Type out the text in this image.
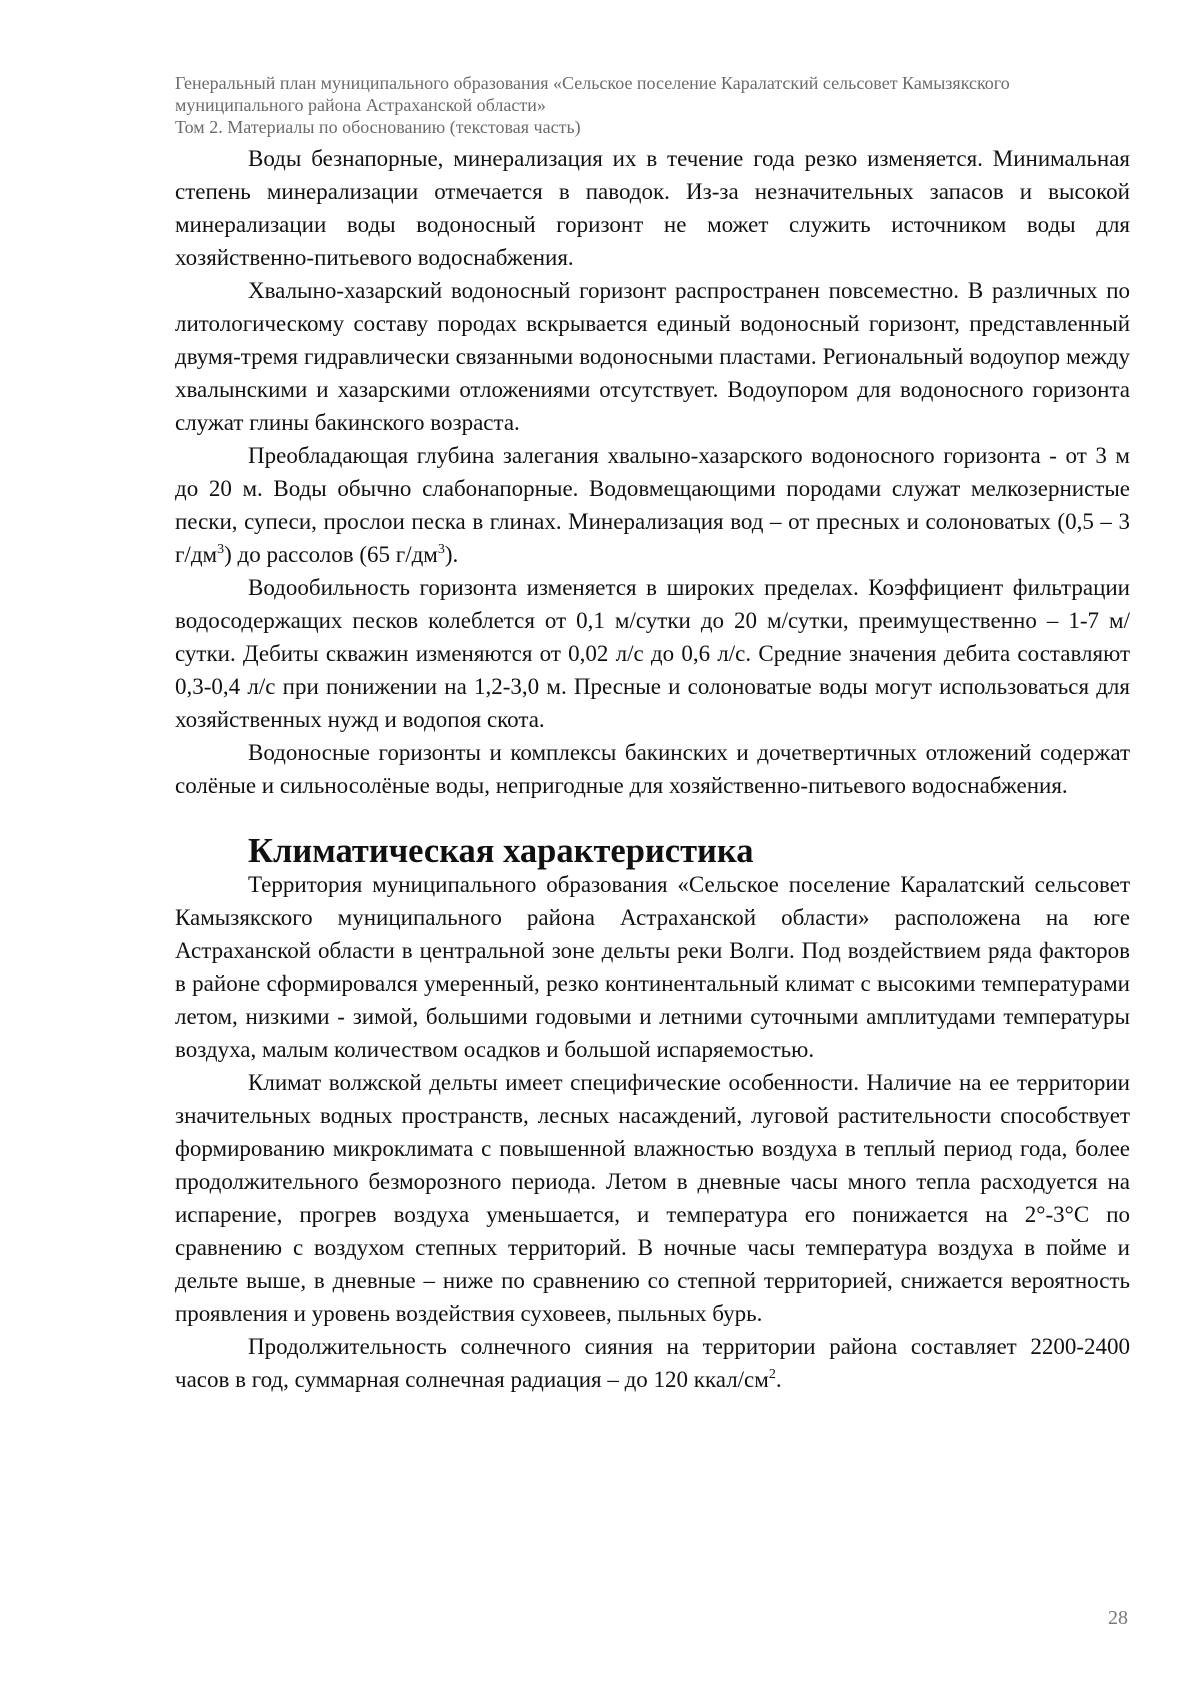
Генеральный план муниципального образования «Сельское поселение Каралатский сельсовет Камызякского
муниципального района Астраханской области»
Том 2. Материалы по обоснованию (текстовая часть)

Воды безнапорные, минерализация их в течение года резко изменяется. Минимальная степень минерализации отмечается в паводок. Из-за незначительных запасов и высокой минерализации воды водоносный горизонт не может служить источником воды для хозяйственно-питьевого водоснабжения.

Хвалыно-хазарский водоносный горизонт распространен повсеместно. В различных по литологическому составу породах вскрывается единый водоносный горизонт, представленный двумя-тремя гидравлически связанными водоносными пластами. Региональный водоупор между хвалынскими и хазарскими отложениями отсутствует. Водоупором для водоносного горизонта служат глины бакинского возраста.

Преобладающая глубина залегания хвалыно-хазарского водоносного горизонта - от 3 м до 20 м. Воды обычно слабонапорные. Водовмещающими породами служат мелкозернистые пески, супеси, прослои песка в глинах. Минерализация вод – от пресных и солоноватых (0,5 – 3 $г/дм^3$) до рассолов (65 $г/дм^3$).

Водообильность горизонта изменяется в широких пределах. Коэффициент фильтрации водосодержащих песков колеблется от 0,1 м/сутки до 20 м/сутки, преимущественно – 1-7 м/сутки. Дебиты скважин изменяются от 0,02 л/с до 0,6 л/с. Средние значения дебита составляют 0,3-0,4 л/с при понижении на 1,2-3,0 м. Пресные и солоноватые воды могут использоваться для хозяйственных нужд и водопоя скота.

Водоносные горизонты и комплексы бакинских и дочетвертичных отложений содержат солёные и сильносолёные воды, непригодные для хозяйственно-питьевого водоснабжения.

Климатическая характеристика

Территория муниципального образования «Сельское поселение Каралатский сельсовет Камызякского муниципального района Астраханской области» расположена на юге Астраханской области в центральной зоне дельты реки Волги. Под воздействием ряда факторов в районе сформировался умеренный, резко континентальный климат с высокими температурами летом, низкими - зимой, большими годовыми и летними суточными амплитудами температуры воздуха, малым количеством осадков и большой испаряемостью.

Климат волжской дельты имеет специфические особенности. Наличие на ее территории значительных водных пространств, лесных насаждений, луговой растительности способствует формированию микроклимата с повышенной влажностью воздуха в теплый период года, более продолжительного безморозного периода. Летом в дневные часы много тепла расходуется на испарение, прогрев воздуха уменьшается, и температура его понижается на 2°-3°С по сравнению с воздухом степных территорий. В ночные часы температура воздуха в пойме и дельте выше, в дневные – ниже по сравнению со степной территорией, снижается вероятность проявления и уровень воздействия суховеев, пыльных бурь.

Продолжительность солнечного сияния на территории района составляет 2200-2400 часов в год, суммарная солнечная радиация – до 120 ккал/$см^2$.

28
